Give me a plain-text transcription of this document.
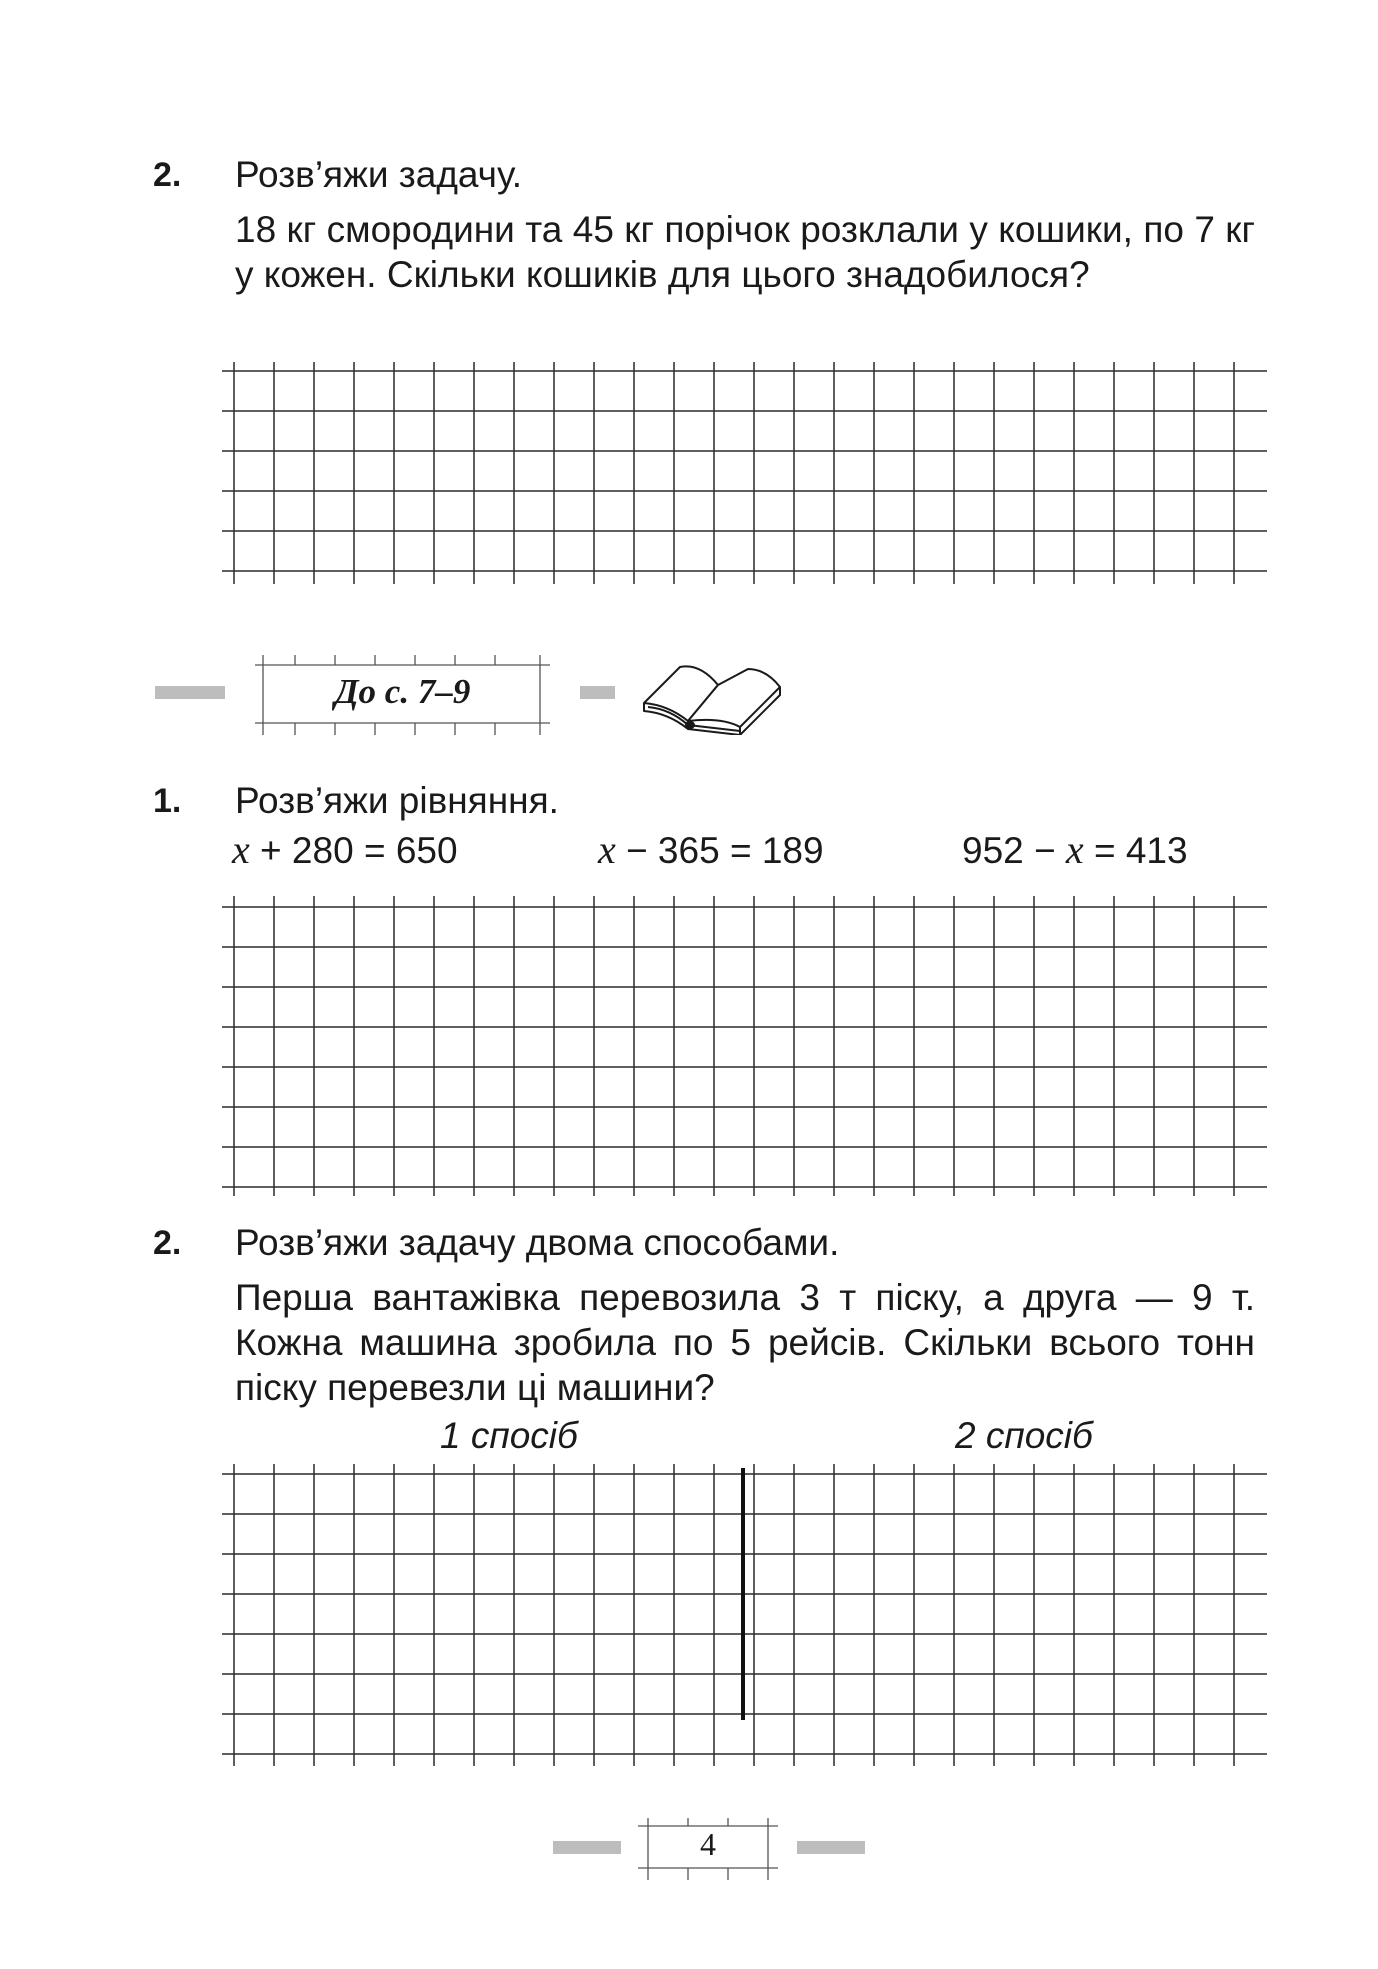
2. Розв’яжи задачу.
18 кг смородини та 45 кг порічок розклали у кошики, по 7 кг у кожен. Скільки кошиків для цього знадобилося?
До с. 7–9
1. Розв’яжи рівняння.
x + 280 = 650	x − 365 = 189	952 − x = 413
2. Розв’яжи задачу двома способами.
Перша вантажівка перевозила 3 т піску, а друга — 9 т. Кожна машина зробила по 5 рейсів. Скільки всього тонн піску перевезли ці машини?
1 спосіб	2 спосіб
4
